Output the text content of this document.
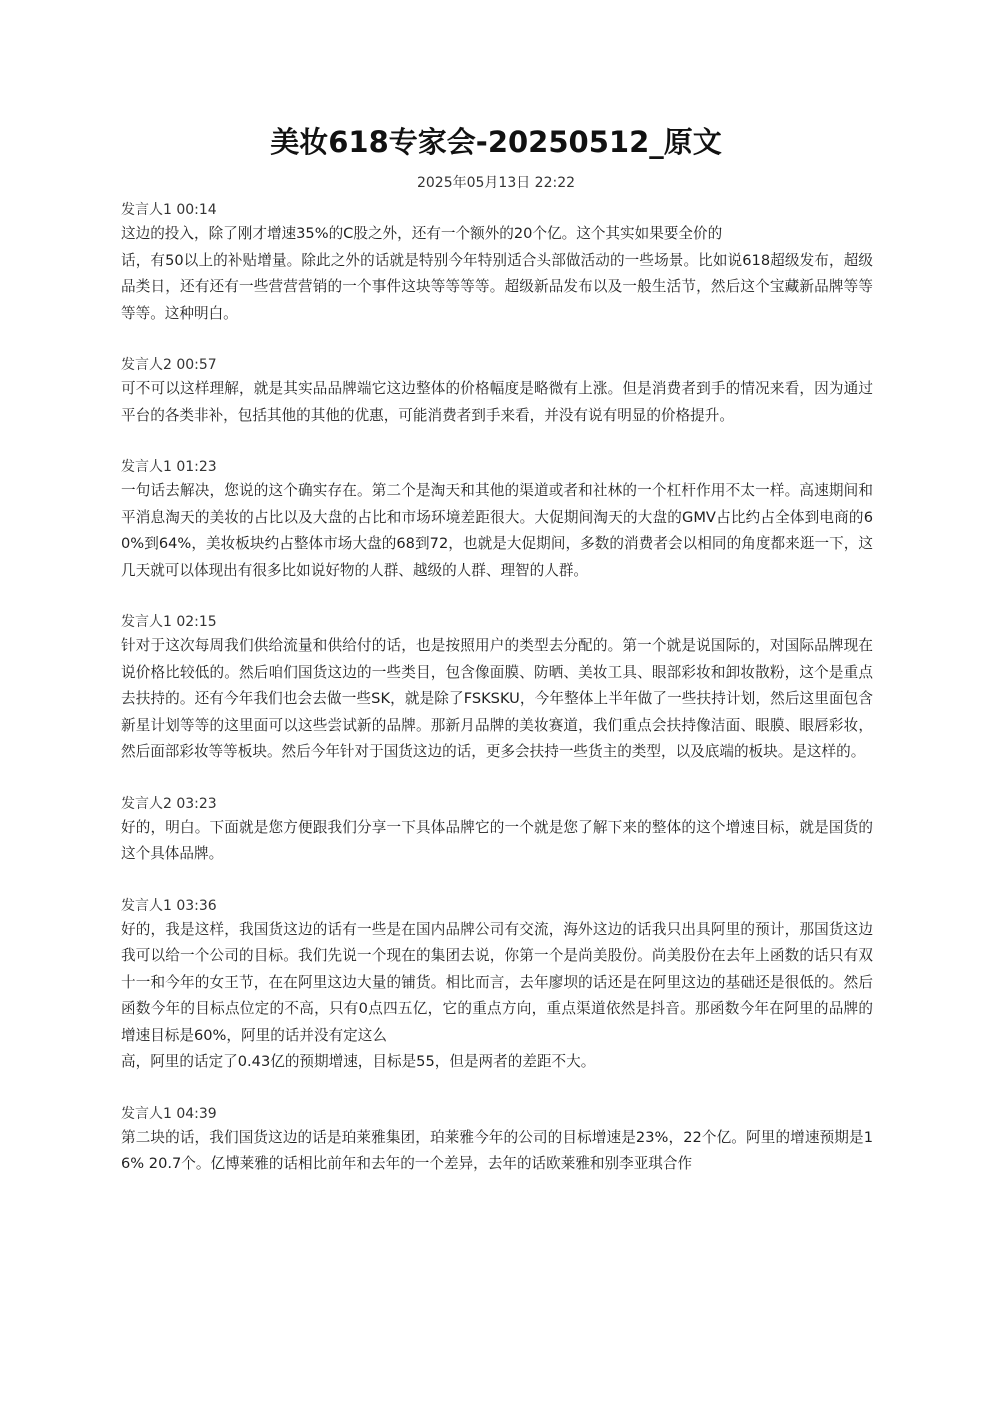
美妆618专家会-20250512_原文
2025年05月13日 22:22

发言人1 00:14

这边的投入，除了刚才增速35%的C股之外，还有一个额外的20个亿。这个其实如果要全价的
话，有50以上的补贴增量。除此之外的话就是特别今年特别适合头部做活动的一些场景。比如说618超级发布，超级品类日，还有还有一些营营营销的一个事件这块等等等等。超级新品发布以及一般生活节，然后这个宝藏新品牌等等等等。这种明白。

发言人2 00:57

可不可以这样理解，就是其实品品牌端它这边整体的价格幅度是略微有上涨。但是消费者到手的情况来看，因为通过平台的各类非补，包括其他的其他的优惠，可能消费者到手来看，并没有说有明显的价格提升。

发言人1 01:23

一句话去解决，您说的这个确实存在。第二个是淘天和其他的渠道或者和社林的一个杠杆作用不太一样。高速期间和平消息淘天的美妆的占比以及大盘的占比和市场环境差距很大。大促期间淘天的大盘的GMV占比约占全体到电商的60%到64%，美妆板块约占整体市场大盘的68到72，也就是大促期间，多数的消费者会以相同的角度都来逛一下，这几天就可以体现出有很多比如说好物的人群、越级的人群、理智的人群。

发言人1 02:15

针对于这次每周我们供给流量和供给付的话，也是按照用户的类型去分配的。第一个就是说国际的，对国际品牌现在说价格比较低的。然后咱们国货这边的一些类目，包含像面膜、防晒、美妆工具、眼部彩妆和卸妆散粉，这个是重点去扶持的。还有今年我们也会去做一些SK，就是除了FSKSKU，今年整体上半年做了一些扶持计划，然后这里面包含新星计划等等的这里面可以这些尝试新的品牌。那新月品牌的美妆赛道，我们重点会扶持像洁面、眼膜、眼唇彩妆，然后面部彩妆等等板块。然后今年针对于国货这边的话，更多会扶持一些货主的类型，以及底端的板块。是这样的。

发言人2 03:23

好的，明白。下面就是您方便跟我们分享一下具体品牌它的一个就是您了解下来的整体的这个增速目标，就是国货的这个具体品牌。

发言人1 03:36

好的，我是这样，我国货这边的话有一些是在国内品牌公司有交流，海外这边的话我只出具阿里的预计，那国货这边我可以给一个公司的目标。我们先说一个现在的集团去说，你第一个是尚美股份。尚美股份在去年上函数的话只有双十一和今年的女王节，在在阿里这边大量的铺货。相比而言，去年廖坝的话还是在阿里这边的基础还是很低的。然后函数今年的目标点位定的不高，只有0点四五亿，它的重点方向，重点渠道依然是抖音。那函数今年在阿里的品牌的增速目标是60%，阿里的话并没有定这么
高，阿里的话定了0.43亿的预期增速，目标是55，但是两者的差距不大。

发言人1 04:39

第二块的话，我们国货这边的话是珀莱雅集团，珀莱雅今年的公司的目标增速是23%，22个亿。阿里的增速预期是16% 20.7个。亿博莱雅的话相比前年和去年的一个差异，去年的话欧莱雅和别李亚琪合作
